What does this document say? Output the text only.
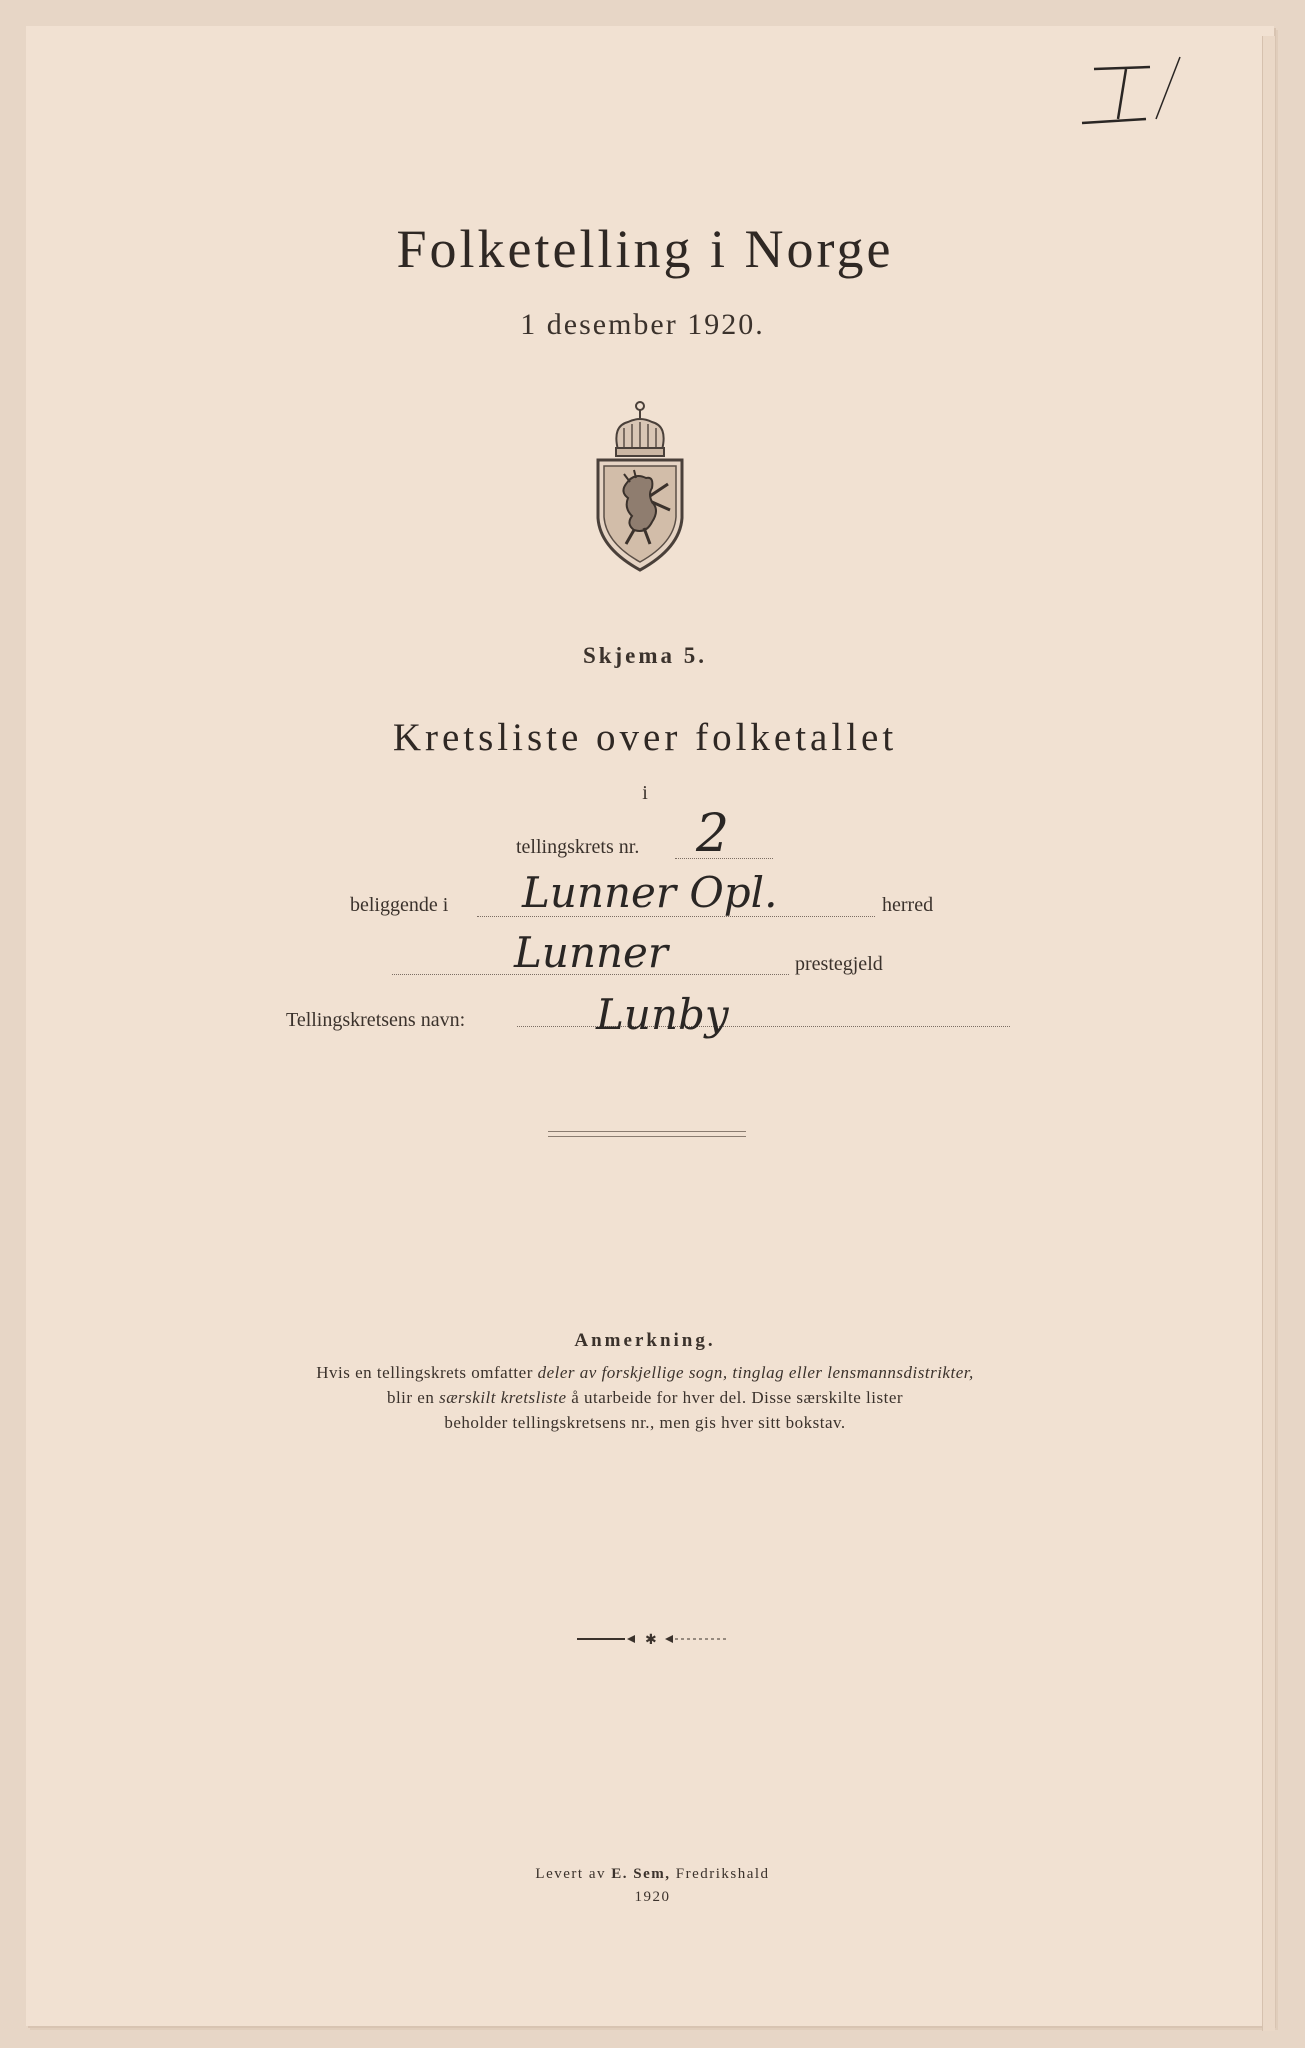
Folketelling i Norge
1 desember 1920.
Skjema 5.
Kretsliste over folketallet
i
tellingskrets nr. 2
beliggende i Lunner Opl.	herred
Lunner	prestegjeld
Tellingskretsens navn:	Lunby
Anmerkning.
Hvis en tellingskrets omfatter deler av forskjellige sogn, tinglag eller lensmannsdistrikter,
blir en særskilt kretsliste å utarbeide for hver del. Disse særskilte lister
beholder tellingskretsens nr., men gis hver sitt bokstav.
✱
Levert av E. Sem, Fredrikshald
1920
